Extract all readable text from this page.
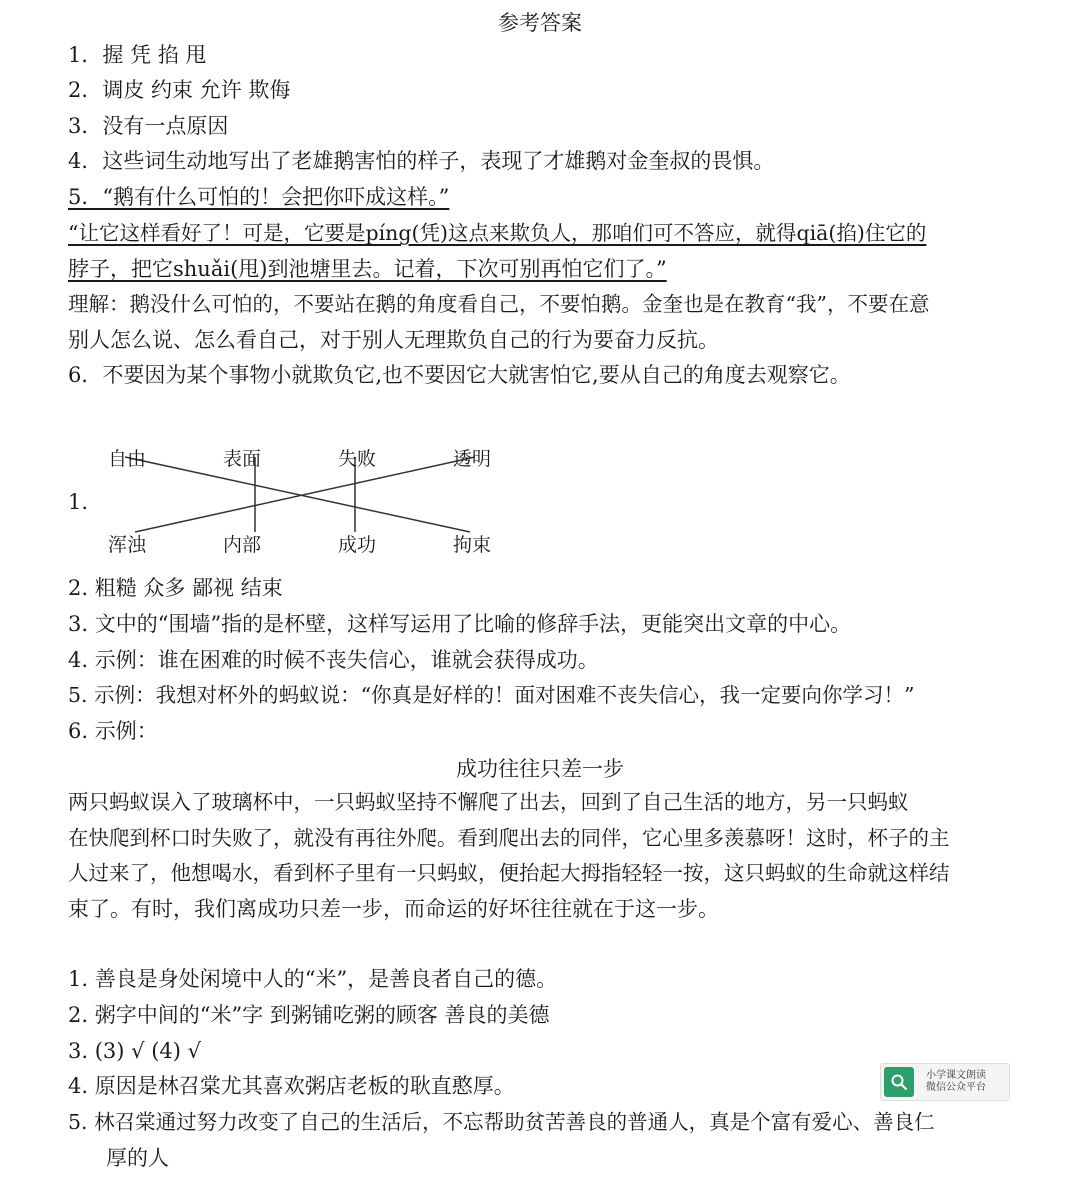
参考答案
1．握 凭 掐 甩
2．调皮 约束 允许 欺侮
3．没有一点原因
4．这些词生动地写出了老雄鹅害怕的样子，表现了才雄鹅对金奎叔的畏惧。
5．“鹅有什么可怕的！会把你吓成这样。”
“让它这样看好了！可是，它要是píng(凭)这点来欺负人，那咱们可不答应，就得qiā(掐)住它的
脖子，把它shuǎi(甩)到池塘里去。记着，下次可别再怕它们了。”
理解：鹅没什么可怕的，不要站在鹅的角度看自己，不要怕鹅。金奎也是在教育“我”，不要在意
别人怎么说、怎么看自己，对于别人无理欺负自己的行为要奋力反抗。
6．不要因为某个事物小就欺负它,也不要因它大就害怕它,要从自己的角度去观察它。
1.
自由	表面	失败	透明
浑浊	内部	成功	拘束
2. 粗糙 众多 鄙视 结束
3. 文中的“围墙”指的是杯壁，这样写运用了比喻的修辞手法，更能突出文章的中心。
4. 示例：谁在困难的时候不丧失信心，谁就会获得成功。
5. 示例：我想对杯外的蚂蚁说：“你真是好样的！面对困难不丧失信心，我一定要向你学习！”
6. 示例：
成功往往只差一步
两只蚂蚁误入了玻璃杯中，一只蚂蚁坚持不懈爬了出去，回到了自己生活的地方，另一只蚂蚁
在快爬到杯口时失败了，就没有再往外爬。看到爬出去的同伴，它心里多羡慕呀！这时，杯子的主
人过来了，他想喝水，看到杯子里有一只蚂蚁，便抬起大拇指轻轻一按，这只蚂蚁的生命就这样结
束了。有时，我们离成功只差一步，而命运的好坏往往就在于这一步。
1. 善良是身处闲境中人的“米”，是善良者自己的德。
2. 粥字中间的“米”字 到粥铺吃粥的顾客 善良的美德
3. (3) √ (4) √
4. 原因是林召棠尤其喜欢粥店老板的耿直憨厚。
5. 林召棠通过努力改变了自己的生活后，不忘帮助贫苦善良的普通人，真是个富有爱心、善良仁
厚的人
小学课文朗读
微信公众平台
